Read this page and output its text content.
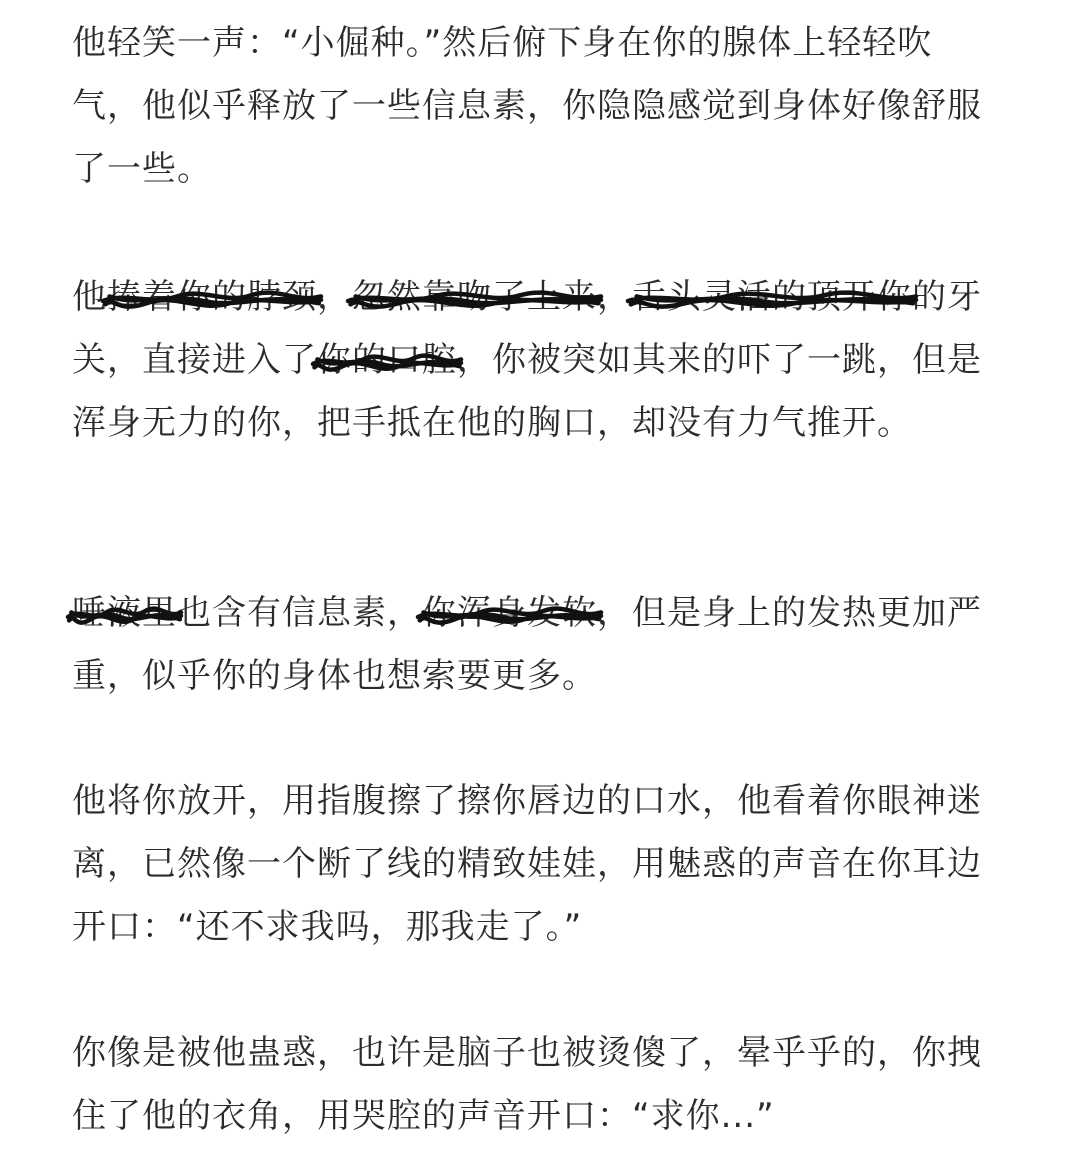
他轻笑一声：“小倔种。”然后俯下身在你的腺体上轻轻吹气，他似乎释放了一些信息素，你隐隐感觉到身体好像舒服了一些。

他捧着你的脖颈
，忽然靠吻了上来
，舌头灵活的顶开你
的牙关，直接进入了你的口腔
，你被突如其来的吓了一跳，但是浑身无力的你，把手抵在他的胸口，却没有力气推开。

唾液里
也含有信息素，你浑身发软
，但是身上的发热更加严重，似乎你的身体也想索要更多。

他将你放开，用指腹擦了擦你唇边的口水，他看着你眼神迷离，已然像一个断了线的精致娃娃，用魅惑的声音在你耳边开口：“还不求我吗，那我走了。”

你像是被他蛊惑，也许是脑子也被烫傻了，晕乎乎的，你拽住了他的衣角，用哭腔的声音开口：“求你...”
